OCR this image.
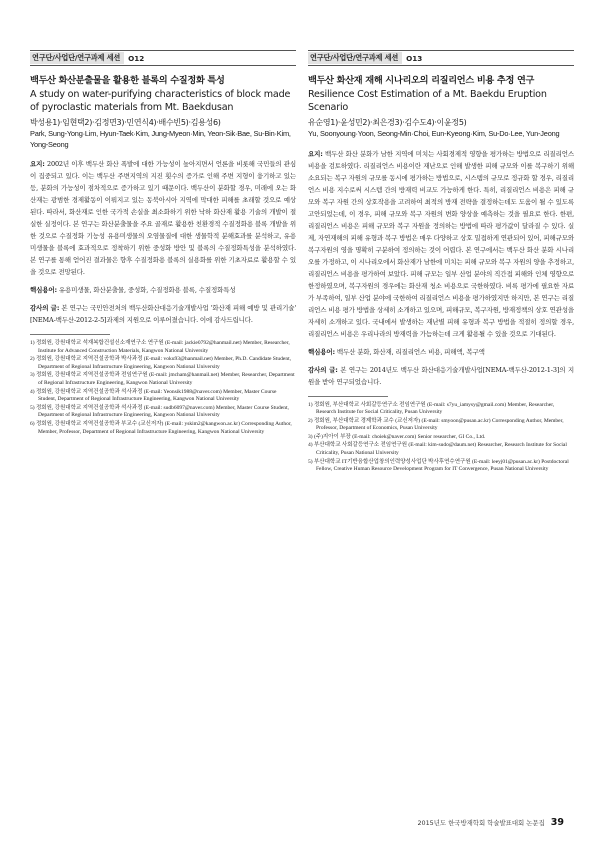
연구단/사업단/연구과제 세션	O12
백두산 화산분출물을 활용한 블록의 수질정화 특성
A study on water-purifying characteristics of block made of pyroclastic materials from Mt. Baekdusan
박성용1)·임현택2)·김정면3)·민연식4)·배수빈5)·김용성6)
Park, Sung-Yong·Lim, Hyun-Taek·Kim, Jung-Myeon·Min, Yeon-Sik·Bae, Su-Bin·Kim, Yong-Seong
요지: 2002년 이후 백두산 화산 폭발에 대한 가능성이 높아지면서 언론을 비롯해 국민들의 관심이 집중되고 있다. 이는 백두산 주변지역의 지진 횟수의 증가로 인해 주변 지형이 융기하고 있는 등, 분화의 가능성이 점차적으로 증가하고 있기 때문이다. 백두산이 분화할 경우, 미래에 오는 화산재는 광범한 경제활동이 이뤄지고 있는 동북아시아 지역에 막대한 피해를 초래할 것으로 예상된다. 따라서, 화산재로 인한 국가적 손실을 최소화하기 위한 낙하 화산재 활용 기술의 개발이 절실한 실정이다. 본 연구는 화산분출물을 주요 골재로 활용한 친환경적 수질정화용 블록 개발을 위한 것으로 수질정화 기능성 유용미생물의 오염물질에 대한 생물학적 분해효과를 분석하고, 유용미생물을 블록에 효과적으로 정착하기 위한 중성화 방안 및 블록의 수질정화특성을 분석하였다. 본 연구를 통해 얻어진 결과물은 향후 수질정화용 블록의 실용화를 위한 기초자료로 활용할 수 있을 것으로 전망된다.
핵심용어: 유용미생물, 화산분출물, 중성화, 수질정화용 블록, 수질정화특성
감사의 글: 본 연구는 국민안전처의 백두산화산대응기술개발사업 '화산재 피해 예방 및 관리기술' [NEMA-백두산-2012-2-5]과제의 지원으로 이루어졌습니다. 이에 감사드립니다.
1) 정회원, 강원대학교 석재복합건설신소재연구소 연구원 (E-mail: jackie0792@hanmail.net) Member, Researcher, Institute for Advanced Construction Materials, Kangwon National University
2) 정회원, 강원대학교 지역건설공학과 박사과정 (E-mail: voku93@hanmail.net) Member, Ph.D. Candidate Student, Department of Regional Infrastructure Engineering, Kangwon National University
3) 정회원, 강원대학교 지역건설공학과 전임연구원 (E-mail: jmcham@hanmail.net) Member, Researcher, Department of Regional Infrastructure Engineering, Kangwon National University
4) 정회원, 강원대학교 지역건설공학과 석사과정 (E-mail: Yeonsik1988@naver.com) Member, Master Course Student, Department of Regional Infrastructure Engineering, Kangwon National University
5) 정회원, 강원대학교 지역건설공학과 석사과정 (E-mail: sudb6097@naver.com) Member, Master Course Student, Department of Regional Infrastructure Engineering, Kangwon National University
6) 정회원, 강원대학교 지역건설공학과 부교수 (교신저자) (E-mail: yskim2@kangwon.ac.kr) Corresponding Author, Member, Professor, Department of Regional Infrastructure Engineering, Kangwon National University
연구단/사업단/연구과제 세션	O13
백두산 화산재 재해 시나리오의 리질리언스 비용 추정 연구
Resilience Cost Estimation of a Mt. Baekdu Eruption Scenario
유순영1)·윤성민2)·최은경3)·김수도4)·이윤정5)
Yu, Soonyoung·Yoon, Seong-Min·Choi, Eun-Kyeong·Kim, Su-Do·Lee, Yun-Jeong
요지: 백두산 화산 분화가 남한 지역에 미치는 사회경제적 영향을 평가하는 방법으로 리질리언스 비용을 검토하였다. 리질리언스 비용이란 재난으로 인해 발생한 피해 규모와 이를 복구하기 위해 소요되는 복구 자원의 규모를 동시에 평가하는 방법으로, 시스템의 규모로 정규화 할 경우, 리질리언스 비용 지수로써 시스템 간의 방재력 비교도 가능하게 한다. 특히, 리질리언스 비용은 피해 규모와 복구 자원 간의 상호작용을 고려하여 최적의 방재 전략을 결정하는데도 도움이 될 수 있도록 고안되었는데, 이 경우, 피해 규모와 복구 자원의 변화 양상을 예측하는 것을 필요로 한다. 한편, 리질리언스 비용은 피해 규모와 복구 자원을 정의하는 방법에 따라 평가값이 달라질 수 있다. 실제, 자연재해의 피해 유형과 복구 방법은 매우 다양하고 상호 밀접하게 연관되어 있어, 피해규모와 복구자원의 영을 명확히 구분하여 정의하는 것이 어렵다. 본 연구에서는 백두산 화산 분화 시나리오를 가정하고, 이 시나리오에서 화산재가 남한에 미치는 피해 규모와 복구 자원의 양을 추정하고, 리질리언스 비용을 평가하여 보았다. 피해 규모는 일부 산업 분야의 직간접 피해와 인체 영향으로 한정하였으며, 복구자원의 경우에는 화산재 청소 비용으로 국한하였다. 비록 평가에 필요한 자료가 부족하여, 일부 산업 분야에 국한하여 리질리언스 비용을 평가하였지만 하지만, 본 연구는 리질리언스 비용 평가 방법을 상세히 소개하고 있으며, 피해규모, 복구자원, 방재정책의 상호 연관성을 자세히 소개하고 있다. 국내에서 발생하는 재난별 피해 유형과 복구 방법을 적절히 정의할 경우, 리질리언스 비용은 우리나라의 방재력을 가늠하는데 크게 활용될 수 있을 것으로 기대된다.
핵심용어: 백두산 분화, 화산재, 리질리언스 비용, 피해액, 복구액
감사의 글: 본 연구는 2014년도 백두산 화산대응기술개발사업[NEMA-백두산-2012-1-3]의 지원을 받아 연구되었습니다.
1) 정회원, 부산대학교 사회갈등연구소 전임연구원 (E-mail: s7yu_iamysy@gmail.com) Member, Researcher, Research Institute for Social Criticality, Pusan University
2) 정회원, 부산대학교 경제학과 교수 (교신저자) (E-mail: smyoon@pusan.ac.kr) Corresponding Author, Member, Professor, Department of Economics, Pusan University
3) (주)지아이 부장 (E-mail: choiek@naver.com) Senior researcher, GI Co., Ltd.
4) 부산대학교 사회갈등연구소 전임연구원 (E-mail: kim-sudo@daum.net) Researcher, Research Institute for Social Criticality, Pusan National University
5) 부산대학교 IT기반융합산업창의인력양성사업단 박사후연수연구원 (E-mail: leeyj01@pusan.ac.kr) Postdoctoral Fellow, Creative Human Resource Development Program for IT Convergence, Pusan National University
2015년도 한국방재학회 학술발표대회 논문집 39
